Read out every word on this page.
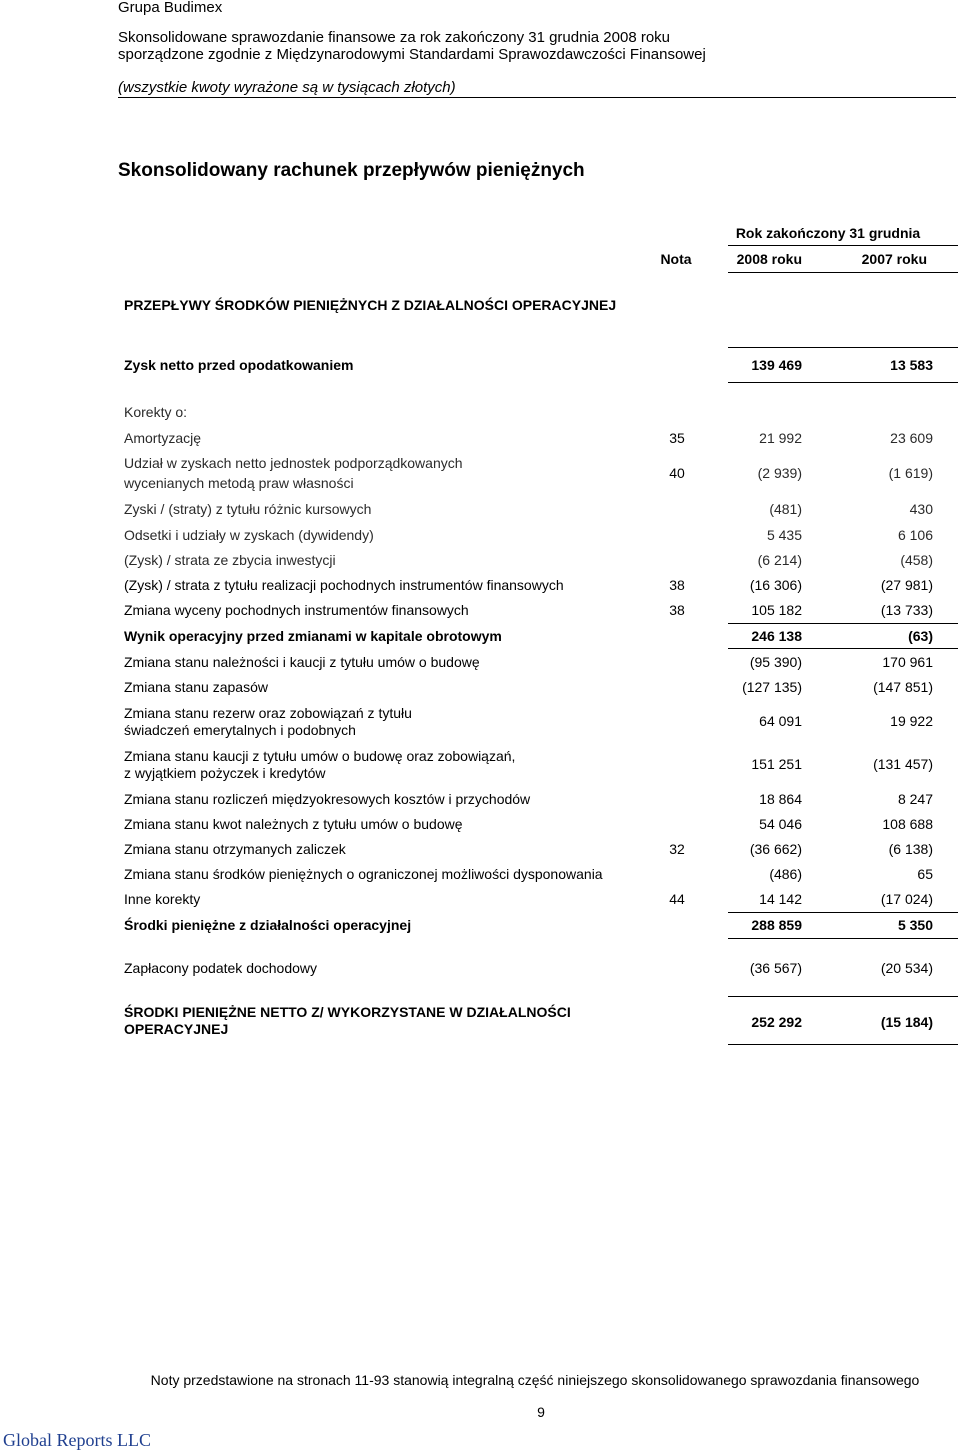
Grupa Budimex
Skonsolidowane sprawozdanie finansowe za rok zakończony 31 grudnia 2008 roku
sporządzone zgodnie z Międzynarodowymi Standardami Sprawozdawczości Finansowej
(wszystkie kwoty wyrażone są w tysiącach złotych)
Skonsolidowany rachunek przepływów pieniężnych
Rok zakończony 31 grudnia
Nota	2008 roku	2007 roku
PRZEPŁYWY ŚRODKÓW PIENIĘŻNYCH Z DZIAŁALNOŚCI OPERACYJNEJ
Zysk netto przed opodatkowaniem	139 469	13 583
Korekty o:
Amortyzację	35	21 992	23 609
Udział w zyskach netto jednostek podporządkowanych
wycenianych metodą praw własności
40	(2 939)	(1 619)
Zyski / (straty) z tytułu różnic kursowych	(481)	430
Odsetki i udziały w zyskach (dywidendy)	5 435	6 106
(Zysk) / strata ze zbycia inwestycji	(6 214)	(458)
(Zysk) / strata z tytułu realizacji pochodnych instrumentów finansowych	38	(16 306)	(27 981)
Zmiana wyceny pochodnych instrumentów finansowych	38	105 182	(13 733)
Wynik operacyjny przed zmianami w kapitale obrotowym	246 138	(63)
Zmiana stanu należności i kaucji z tytułu umów o budowę	(95 390)	170 961
Zmiana stanu zapasów	(127 135)	(147 851)
Zmiana stanu rezerw oraz zobowiązań z tytułu
świadczeń emerytalnych i podobnych
64 091	19 922
Zmiana stanu kaucji z tytułu umów o budowę oraz zobowiązań,
z wyjątkiem pożyczek i kredytów
151 251	(131 457)
Zmiana stanu rozliczeń międzyokresowych kosztów i przychodów	18 864	8 247
Zmiana stanu kwot należnych z tytułu umów o budowę	54 046	108 688
Zmiana stanu otrzymanych zaliczek	32	(36 662)	(6 138)
Zmiana stanu środków pieniężnych o ograniczonej możliwości dysponowania	(486)	65
Inne korekty	44	14 142	(17 024)
Środki pieniężne z działalności operacyjnej	288 859	5 350
Zapłacony podatek dochodowy	(36 567)	(20 534)
ŚRODKI PIENIĘŻNE NETTO Z/ WYKORZYSTANE W DZIAŁALNOŚCI
OPERACYJNEJ	252 292	(15 184)
Noty przedstawione na stronach 11-93 stanowią integralną część niniejszego skonsolidowanego sprawozdania finansowego
9
Global Reports LLC
